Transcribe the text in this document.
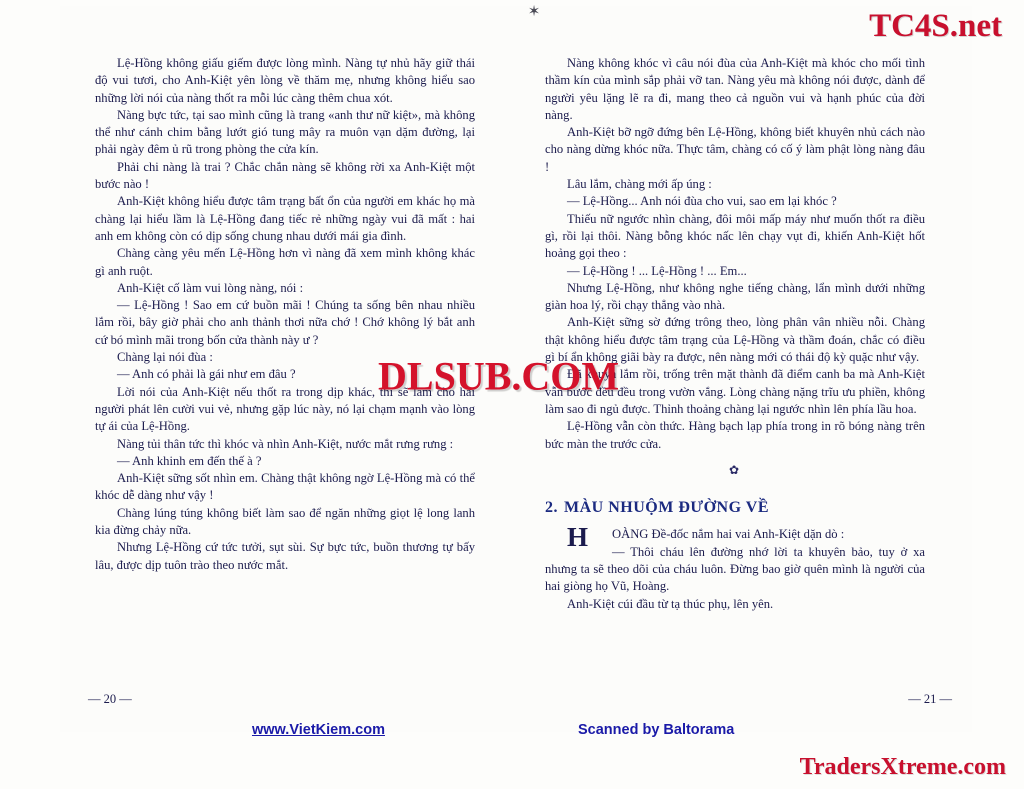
✶	TC4S.net

Lệ-Hồng không giấu giếm được lòng mình. Nàng tự nhủ hãy giữ thái độ vui tươi, cho Anh-Kiệt yên lòng về thăm mẹ, nhưng không hiểu sao những lời nói của nàng thốt ra mỗi lúc càng thêm chua xót.

Nàng bực tức, tại sao mình cũng là trang «anh thư nữ kiệt», mà không thể như cánh chim bằng lướt gió tung mây ra muôn vạn dặm đường, lại phải ngày đêm ủ rũ trong phòng the cửa kín.

Phải chi nàng là trai ? Chắc chắn nàng sẽ không rời xa Anh-Kiệt một bước nào !

Anh-Kiệt không hiểu được tâm trạng bất ổn của người em khác họ mà chàng lại hiểu lầm là Lệ-Hồng đang tiếc rẻ những ngày vui đã mất : hai anh em không còn có dịp sống chung nhau dưới mái gia đình.

Chàng càng yêu mến Lệ-Hồng hơn vì nàng đã xem mình không khác gì anh ruột.

Anh-Kiệt cố làm vui lòng nàng, nói :

— Lệ-Hồng ! Sao em cứ buồn mãi ! Chúng ta sống bên nhau nhiều lắm rồi, bây giờ phải cho anh thảnh thơi nữa chớ ! Chớ không lý bắt anh cứ bó mình mãi trong bốn cửa thành này ư ?

Chàng lại nói đùa :

— Anh có phải là gái như em đâu ?

Lời nói của Anh-Kiệt nếu thốt ra trong dịp khác, thì sẽ làm cho hai người phát lên cười vui vẻ, nhưng gặp lúc này, nó lại chạm mạnh vào lòng tự ái của Lệ-Hồng.

Nàng tủi thân tức thì khóc và nhìn Anh-Kiệt, nước mắt rưng rưng :

— Anh khinh em đến thế à ?

Anh-Kiệt sững sốt nhìn em. Chàng thật không ngờ Lệ-Hồng mà có thể khóc dễ dàng như vậy !

Chàng lúng túng không biết làm sao để ngăn những giọt lệ long lanh kia đừng chảy nữa.

Nhưng Lệ-Hồng cứ tức tưởi, sụt sùi. Sự bực tức, buồn thương tự bấy lâu, được dịp tuôn trào theo nước mắt.

Nàng không khóc vì câu nói đùa của Anh-Kiệt mà khóc cho mối tình thầm kín của mình sắp phải vỡ tan. Nàng yêu mà không nói được, dành để người yêu lặng lẽ ra đi, mang theo cả nguồn vui và hạnh phúc của đời nàng.

Anh-Kiệt bỡ ngỡ đứng bên Lệ-Hồng, không biết khuyên nhủ cách nào cho nàng dừng khóc nữa. Thực tâm, chàng có cố ý làm phật lòng nàng đâu !

Lâu lắm, chàng mới ấp úng :

— Lệ-Hồng... Anh nói đùa cho vui, sao em lại khóc ?

Thiếu nữ ngước nhìn chàng, đôi môi mấp máy như muốn thốt ra điều gì, rồi lại thôi. Nàng bỗng khóc nấc lên chạy vụt đi, khiến Anh-Kiệt hốt hoảng gọi theo :

— Lệ-Hồng ! ... Lệ-Hồng ! ... Em...

Nhưng Lệ-Hồng, như không nghe tiếng chàng, lẩn mình dưới những giàn hoa lý, rồi chạy thẳng vào nhà.

Anh-Kiệt sững sờ đứng trông theo, lòng phân vân nhiều nỗi. Chàng thật không hiểu được tâm trạng của Lệ-Hồng và thầm đoán, chắc có điều gì bí ẩn không giãi bày ra được, nên nàng mới có thái độ kỳ quặc như vậy.

Đã khuya lắm rồi, trống trên mặt thành đã điểm canh ba mà Anh-Kiệt vẫn bước đều đều trong vườn vắng. Lòng chàng nặng trĩu ưu phiền, không làm sao đi ngủ được. Thỉnh thoảng chàng lại ngước nhìn lên phía lầu hoa.

Lệ-Hồng vẫn còn thức. Hàng bạch lạp phía trong in rõ bóng nàng trên bức màn the trước cửa.

✿
2. MÀU NHUỘM ĐƯỜNG VỀ

H OÀNG Đề-đốc nắm hai vai Anh-Kiệt dặn dò :

— Thôi cháu lên đường nhớ lời ta khuyên bảo, tuy ở xa nhưng ta sẽ theo dõi của cháu luôn. Đừng bao giờ quên mình là người của hai giòng họ Vũ, Hoàng.

Anh-Kiệt cúi đầu từ tạ thúc phụ, lên yên.

— 20 —	— 21 —
www.VietKiem.com	Scanned by Baltorama
DLSUB.COM
TradersXtreme.com
